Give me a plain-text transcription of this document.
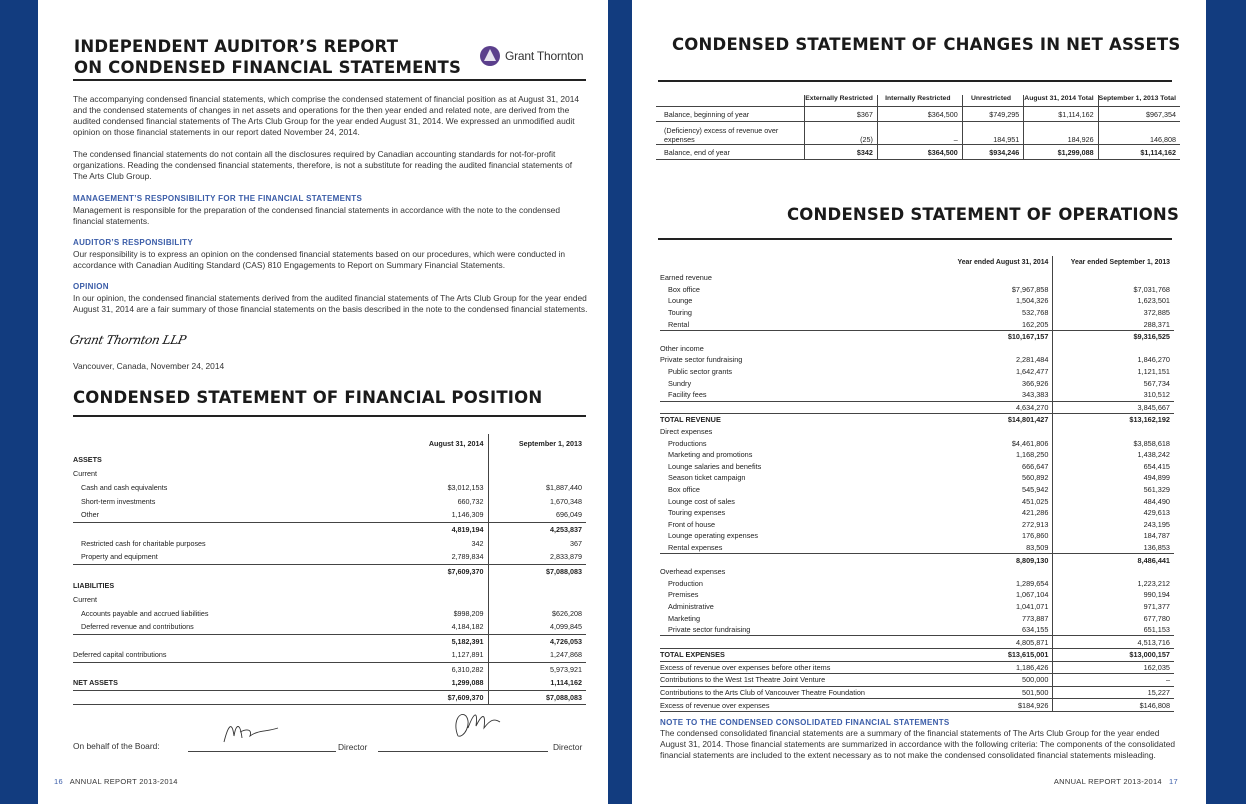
INDEPENDENT AUDITOR’S REPORT
ON CONDENSED FINANCIAL STATEMENTS
Grant Thornton

The accompanying condensed financial statements, which comprise the condensed statement of financial position as at August 31, 2014 and the condensed statements of changes in net assets and operations for the then year ended and related note, are derived from the audited condensed financial statements of The Arts Club Group for the year ended August 31, 2014. We expressed an unmodified audit opinion on those financial statements in our report dated November 24, 2014.

The condensed financial statements do not contain all the disclosures required by Canadian accounting standards for not-for-profit organizations. Reading the condensed financial statements, therefore, is not a substitute for reading the audited financial statements of The Arts Club Group.

MANAGEMENT’S RESPONSIBILITY FOR THE FINANCIAL STATEMENTS

Management is responsible for the preparation of the condensed financial statements in accordance with the note to the condensed financial statements.

AUDITOR’S RESPONSIBILITY

Our responsibility is to express an opinion on the condensed financial statements based on our procedures, which were conducted in accordance with Canadian Auditing Standard (CAS) 810 Engagements to Report on Summary Financial Statements.

OPINION

In our opinion, the condensed financial statements derived from the audited financial statements of The Arts Club Group for the year ended August 31, 2014 are a fair summary of those financial statements on the basis described in the note to the condensed financial statements.

Grant Thornton LLP
Vancouver, Canada, November 24, 2014
CONDENSED STATEMENT OF FINANCIAL POSITION
	August 31, 2014	September 1, 2013
ASSETS		
Current		
Cash and cash equivalents	$3,012,153	$1,887,440
Short-term investments	660,732	1,670,348
Other	1,146,309	696,049
	4,819,194	4,253,837
Restricted cash for charitable purposes	342	367
Property and equipment	2,789,834	2,833,879
	$7,609,370	$7,088,083
LIABILITIES		
Current		
Accounts payable and accrued liabilities	$998,209	$626,208
Deferred revenue and contributions	4,184,182	4,099,845
	5,182,391	4,726,053
Deferred capital contributions	1,127,891	1,247,868
	6,310,282	5,973,921
NET ASSETS	1,299,088	1,114,162
	$7,609,370	$7,088,083
On behalf of the Board:	Director	Director
16 ANNUAL REPORT 2013-2014
CONDENSED STATEMENT OF CHANGES IN NET ASSETS
	Externally Restricted	Internally Restricted	Unrestricted	August 31, 2014 Total	September 1, 2013 Total
Balance, beginning of year	$367	$364,500	$749,295	$1,114,162	$967,354
(Deficiency) excess of revenue over expenses	(25)	–	184,951	184,926	146,808
Balance, end of year	$342	$364,500	$934,246	$1,299,088	$1,114,162
CONDENSED STATEMENT OF OPERATIONS
	Year ended August 31, 2014	Year ended September 1, 2013
Earned revenue		
Box office	$7,967,858	$7,031,768
Lounge	1,504,326	1,623,501
Touring	532,768	372,885
Rental	162,205	288,371
	$10,167,157	$9,316,525
Other income		
Private sector fundraising	2,281,484	1,846,270
Public sector grants	1,642,477	1,121,151
Sundry	366,926	567,734
Facility fees	343,383	310,512
	4,634,270	3,845,667
TOTAL REVENUE	$14,801,427	$13,162,192
Direct expenses		
Productions	$4,461,806	$3,858,618
Marketing and promotions	1,168,250	1,438,242
Lounge salaries and benefits	666,647	654,415
Season ticket campaign	560,892	494,899
Box office	545,942	561,329
Lounge cost of sales	451,025	484,490
Touring expenses	421,286	429,613
Front of house	272,913	243,195
Lounge operating expenses	176,860	184,787
Rental expenses	83,509	136,853
	8,809,130	8,486,441
Overhead expenses		
Production	1,289,654	1,223,212
Premises	1,067,104	990,194
Administrative	1,041,071	971,377
Marketing	773,887	677,780
Private sector fundraising	634,155	651,153
	4,805,871	4,513,716
TOTAL EXPENSES	$13,615,001	$13,000,157
Excess of revenue over expenses before other items	1,186,426	162,035
Contributions to the West 1st Theatre Joint Venture	500,000	–
Contributions to the Arts Club of Vancouver Theatre Foundation	501,500	15,227
Excess of revenue over expenses	$184,926	$146,808
NOTE TO THE CONDENSED CONSOLIDATED FINANCIAL STATEMENTS

The condensed consolidated financial statements are a summary of the financial statements of The Arts Club Group for the year ended August 31, 2014. Those financial statements are summarized in accordance with the following criteria: The components of the consolidated financial statements are included to the extent necessary as to not make the condensed consolidated financial statements misleading.

ANNUAL REPORT 2013-2014 17
